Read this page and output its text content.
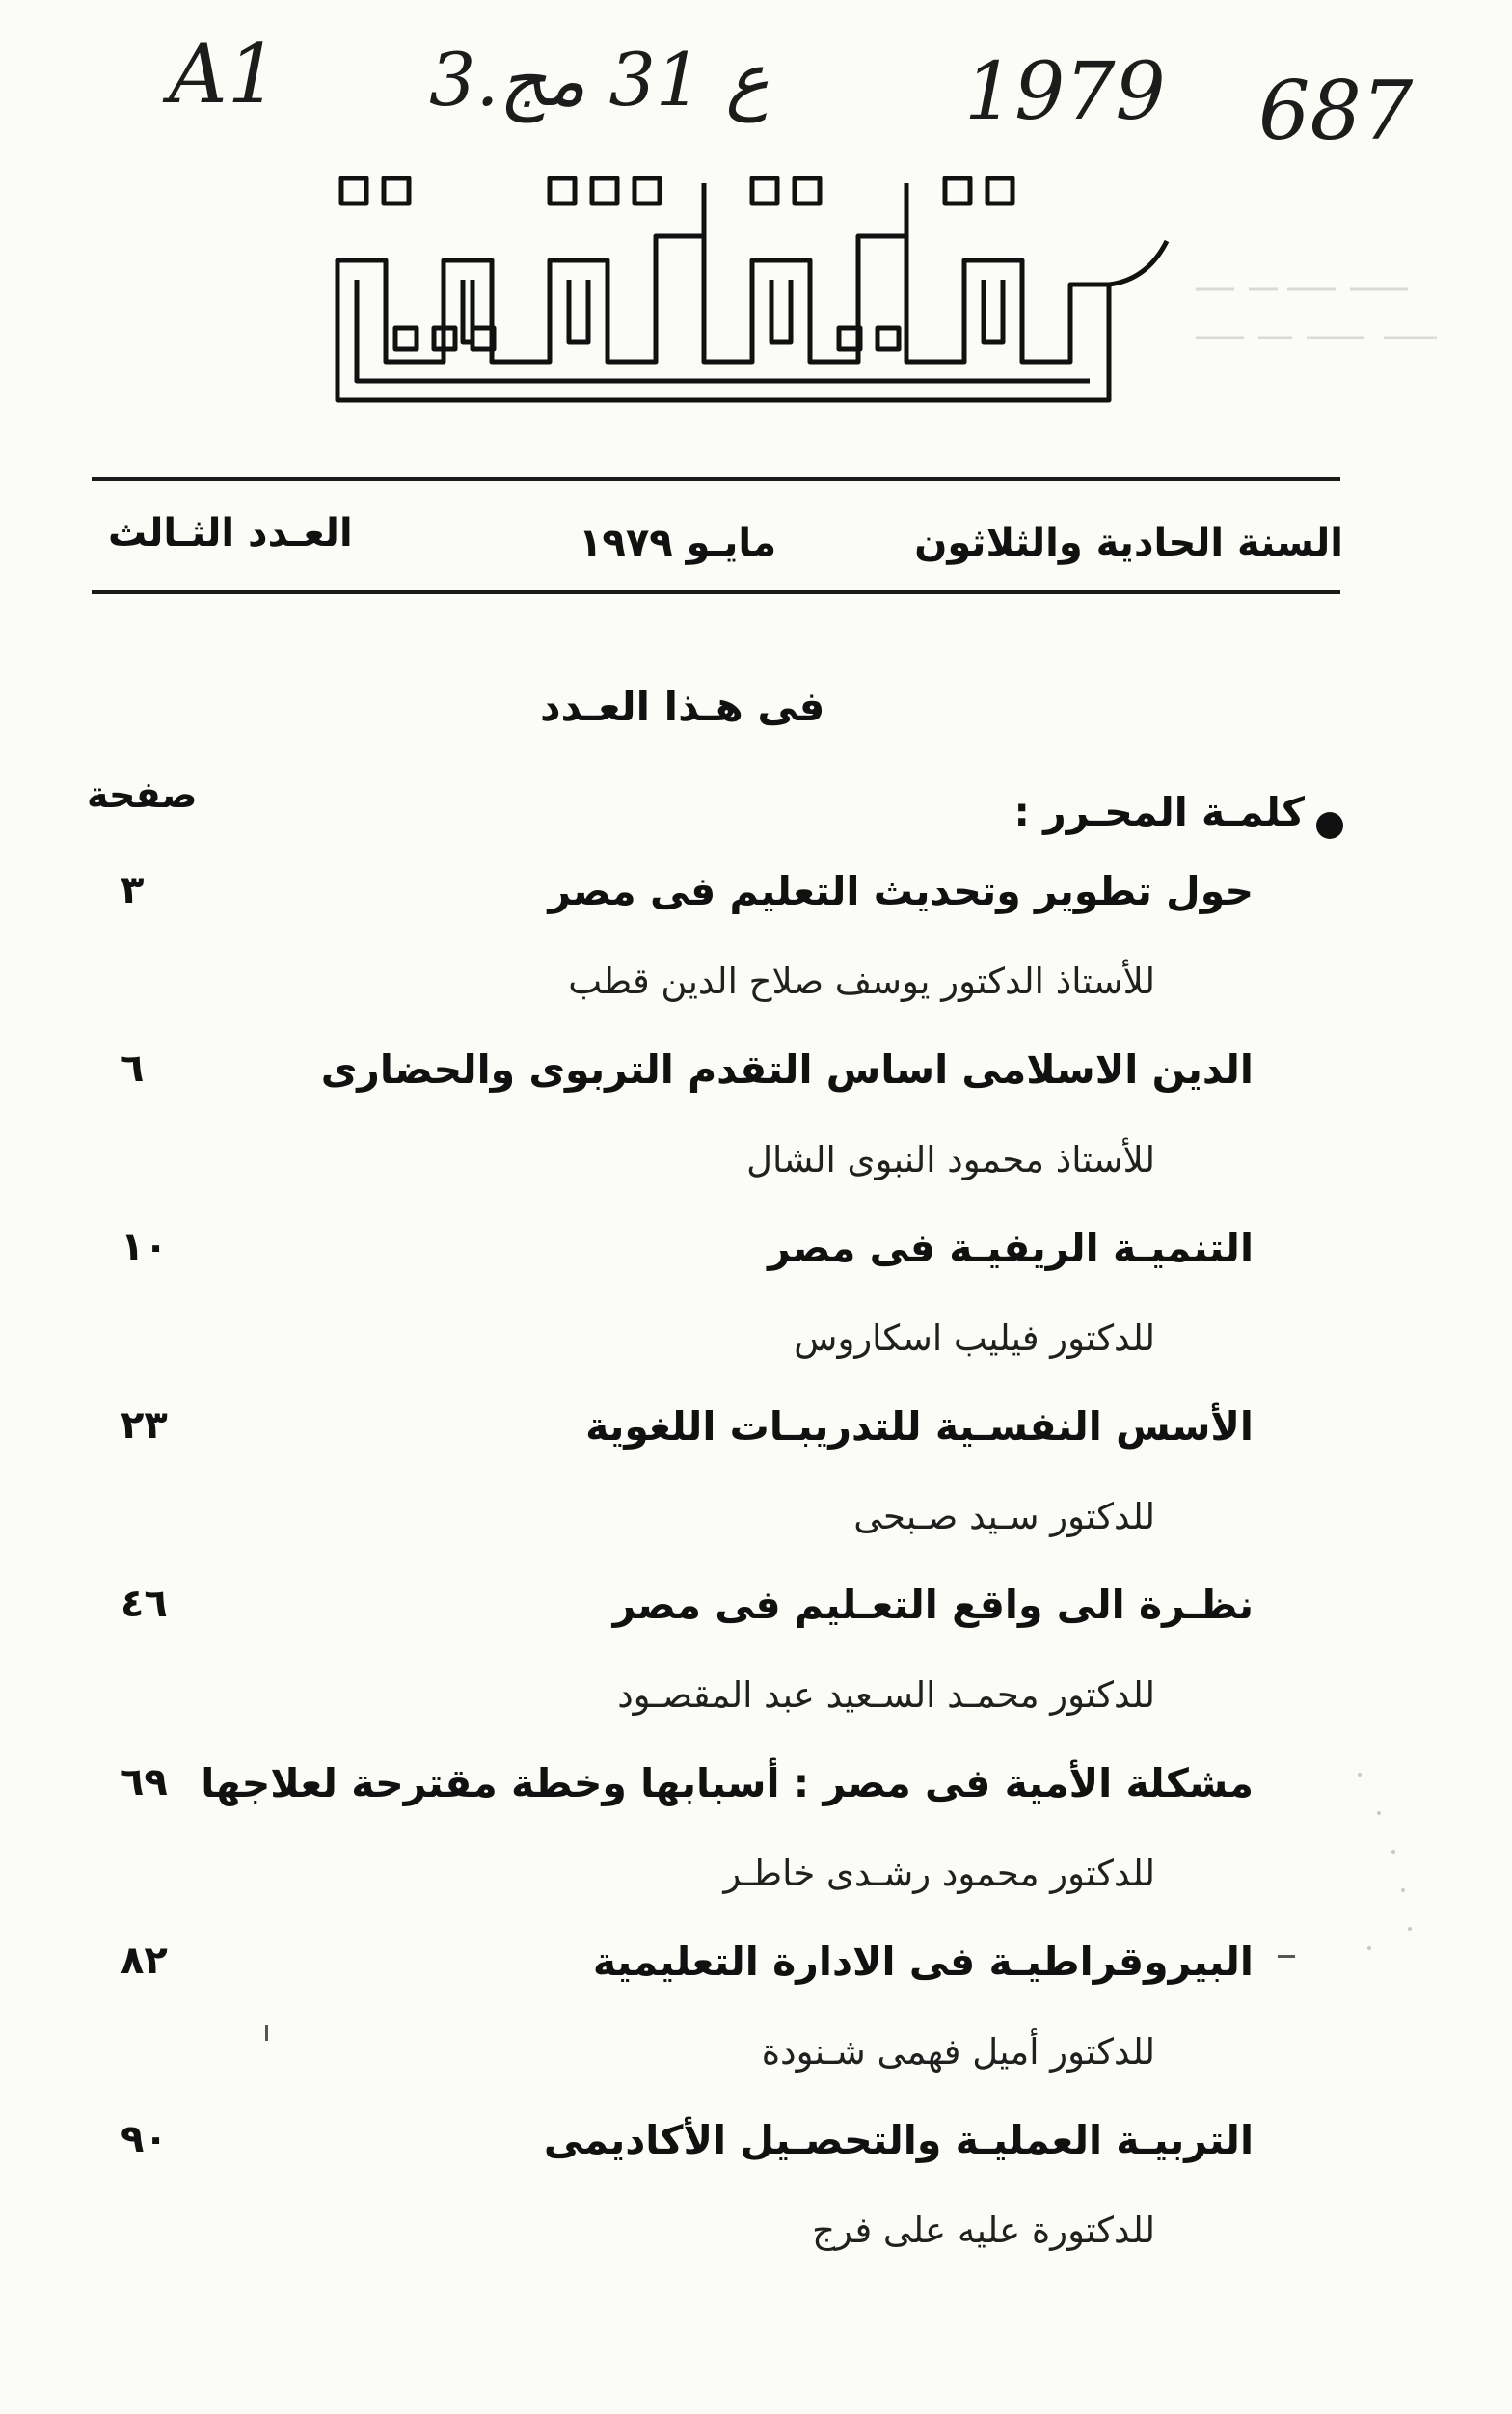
A1 3.ع 31 مج 1979 687
السنة الحادية والثلاثون
مايـو ١٩٧٩
العـدد الثـالث
فى هـذا العـدد
صفحة	كلمـة المحـرر :
حول تطوير وتحديث التعليم فى مصر
٣
للأستاذ الدكتور يوسف صلاح الدين قطب
الدين الاسلامى اساس التقدم التربوى والحضارى
٦
للأستاذ محمود النبوى الشال
التنميـة الريفيـة فى مصر
١٠
للدكتور فيليب اسكاروس
الأسس النفسـية للتدريبـات اللغوية
٢٣
للدكتور سـيد صـبحى
نظـرة الى واقع التعـليم فى مصر
٤٦
للدكتور محمـد السـعيد عبد المقصـود
مشكلة الأمية فى مصر : أسبابها وخطة مقترحة لعلاجها
٦٩
للدكتور محمود رشـدى خاطـر
البيروقراطيـة فى الادارة التعليمية
٨٢
للدكتور أميل فهمى شـنودة
التربيـة العمليـة والتحصـيل الأكاديمى
٩٠
للدكتورة عليه على فرج
